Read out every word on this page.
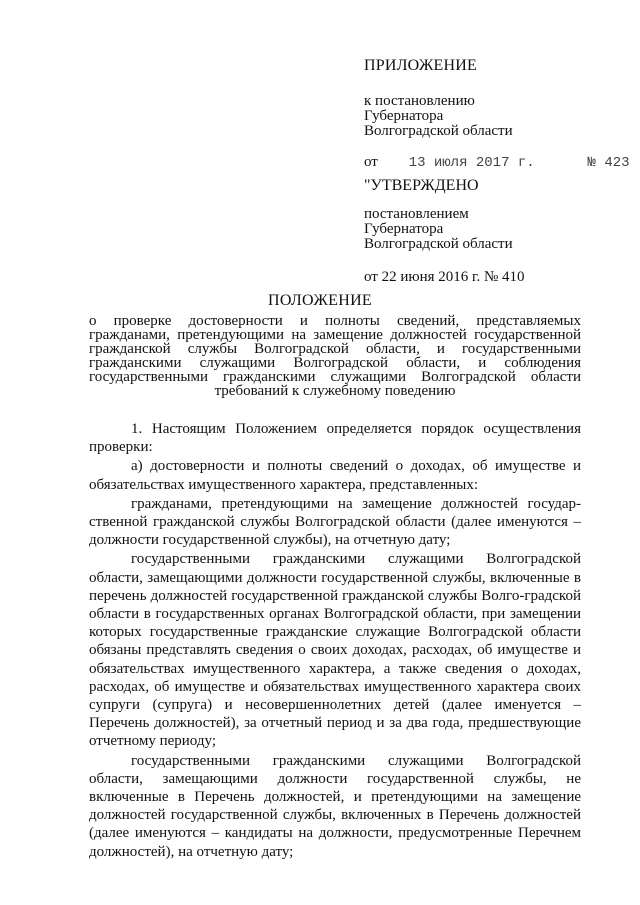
ПРИЛОЖЕНИЕ
к постановлению
Губернатора
Волгоградской области
от 13 июля 2017 г.	№ 423
"УТВЕРЖДЕНО
постановлением
Губернатора
Волгоградской области
от 22 июня 2016 г. № 410
ПОЛОЖЕНИЕ
о проверке достоверности и полноты сведений, представляемых
гражданами, претендующими на замещение должностей государственной
гражданской службы Волгоградской области, и государственными
гражданскими служащими Волгоградской области, и соблюдения
государственными гражданскими служащими Волгоградской области
требований к служебному поведению

1. Настоящим Положением определяется порядок осуществления проверки:

а) достоверности и полноты сведений о доходах, об имуществе и обязательствах имущественного характера, представленных:

гражданами, претендующими на замещение должностей государ-ственной гражданской службы Волгоградской области (далее именуются – должности государственной службы), на отчетную дату;

государственными гражданскими служащими Волгоградской области, замещающими должности государственной службы, включенные в перечень должностей государственной гражданской службы Волго-градской области в государственных органах Волгоградской области, при замещении которых государственные гражданские служащие Волгоградской области обязаны представлять сведения о своих доходах, расходах, об имуществе и обязательствах имущественного характера, а также сведения о доходах, расходах, об имуществе и обязательствах имущественного характера своих супруги (супруга) и несовершеннолетних детей (далее именуется – Перечень должностей), за отчетный период и за два года, предшествующие отчетному периоду;

государственными гражданскими служащими Волгоградской области, замещающими должности государственной службы, не включенные в Перечень должностей, и претендующими на замещение должностей государственной службы, включенных в Перечень должностей (далее именуются – кандидаты на должности, предусмотренные Перечнем должностей), на отчетную дату;
